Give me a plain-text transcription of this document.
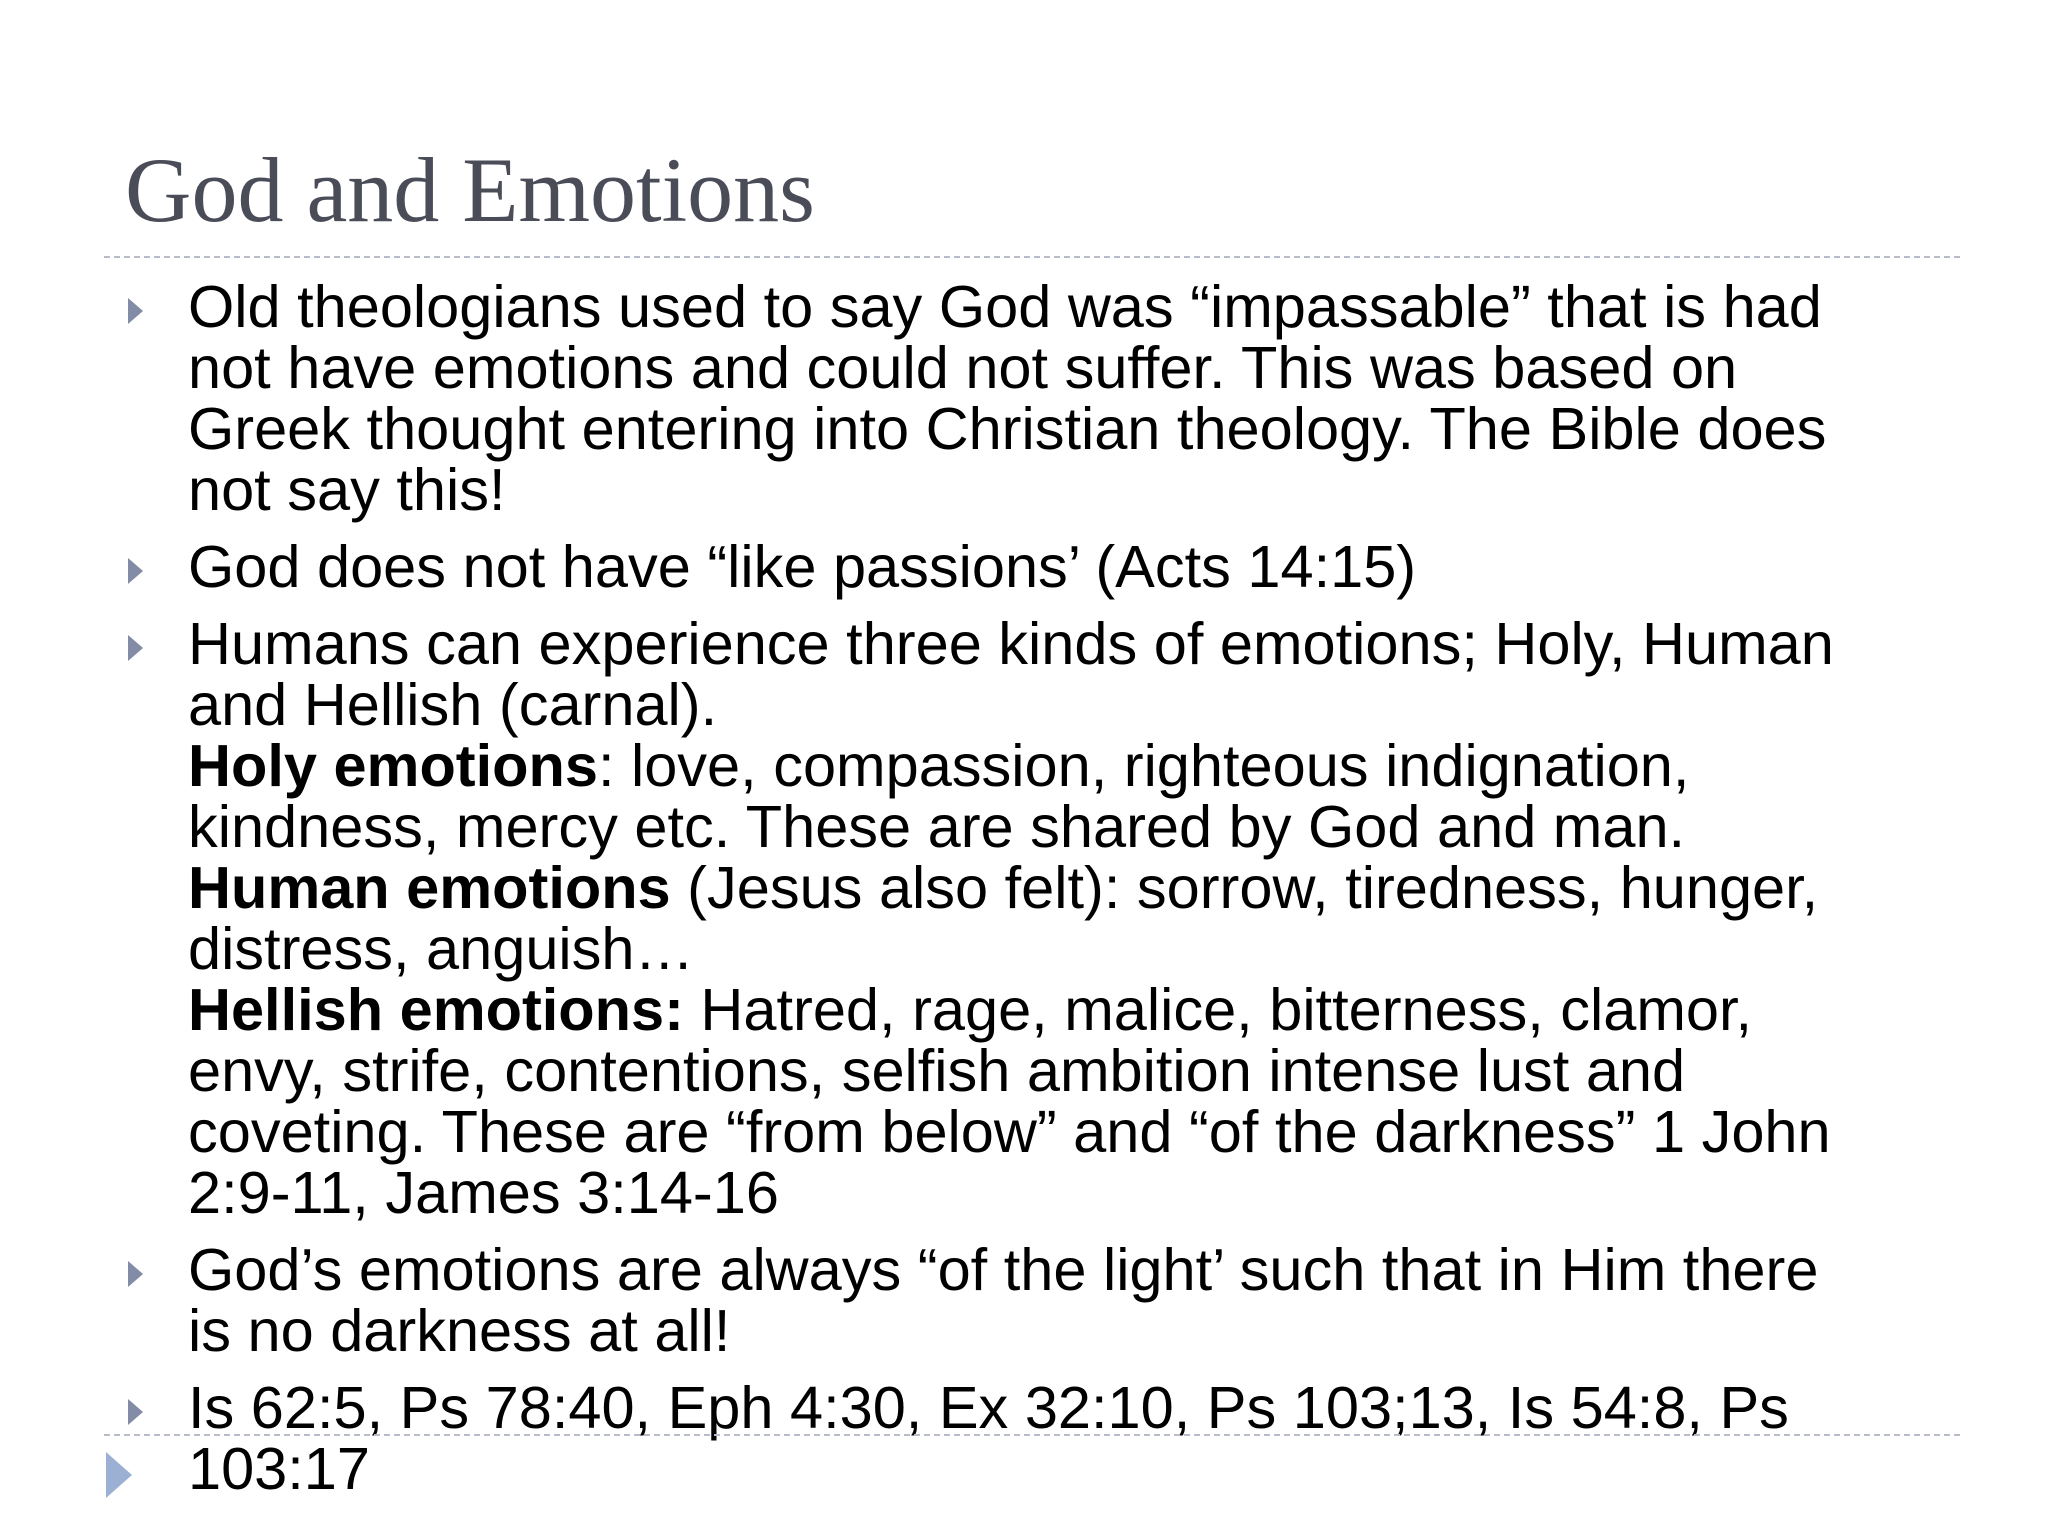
God and Emotions
Old theologians used to say God was “impassable” that is had
not have emotions and could not suffer. This was based on
Greek thought entering into Christian theology. The Bible does
not say this!
God does not have “like passions’ (Acts 14:15)
Humans can experience three kinds of emotions; Holy, Human
and Hellish (carnal).
Holy emotions: love, compassion, righteous indignation,
kindness, mercy etc. These are shared by God and man.
Human emotions (Jesus also felt): sorrow, tiredness, hunger,
distress, anguish…
Hellish emotions: Hatred, rage, malice, bitterness, clamor,
envy, strife, contentions, selfish ambition intense lust and
coveting. These are “from below” and “of the darkness” 1 John
2:9-11, James 3:14-16
God’s emotions are always “of the light’ such that in Him there
is no darkness at all!
Is 62:5, Ps 78:40, Eph 4:30, Ex 32:10, Ps 103;13, Is 54:8, Ps
103:17
